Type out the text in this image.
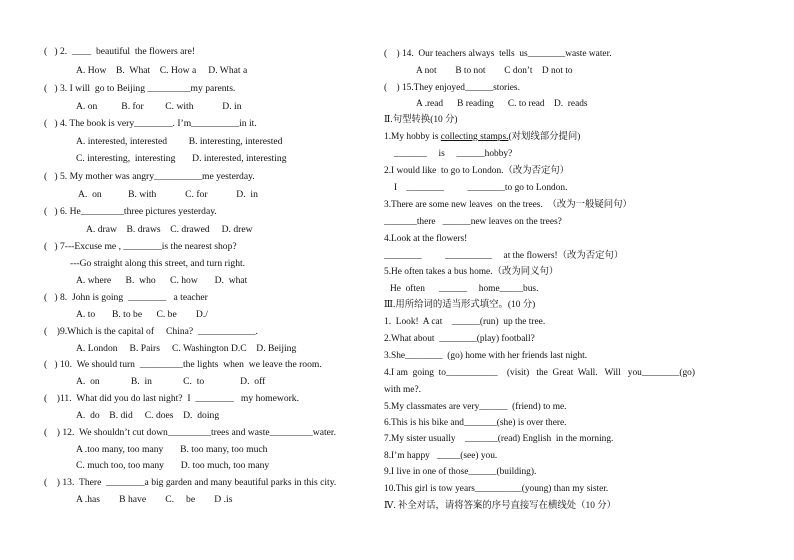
(   ) 2.  ____  beautiful  the flowers are!
A. How    B.  What    C. How a     D. What a
(   ) 3. I will  go to Beijing _________my parents.
A. on          B. for         C. with            D. in
(   ) 4. The book is very________. I’m__________in it.
A. interested, interested         B. interesting, interested
C. interesting,  interesting       D. interested, interesting
(   ) 5. My mother was angry__________me yesterday.
A.  on           B. with            C. for            D.  in
(   ) 6. He_________three pictures yesterday.
A. draw    B. draws    C. drawed     D. drew
(   ) 7---Excuse me , ________is the nearest shop?
---Go straight along this street, and turn right.
A. where      B.  who      C. how       D.  what
(   ) 8.  John is going  ________   a teacher
A. to       B. to be      C. be        D./
(    )9.Which is the capital of     China?  ____________.
A. London     B. Pairs     C. Washington D.C    D. Beijing
(   ) 10.  We should turn  _________the lights  when  we leave the room.
A.  on             B.  in             C.  to               D.  off
(    )11.  What did you do last night?  I  ________   my homework.
A.  do    B. did     C. does    D.  doing
(    ) 12.  We shouldn’t cut down_________trees and waste_________water.
A .too many, too many       B. too many, too much
C. much too, too many       D. too much, too many
(    ) 13.  There  ________a big garden and many beautiful parks in this city.
A .has        B have        C.     be        D .is
(    ) 14.  Our teachers always  tells  us________waste water.
A not        B to not        C don’t    D not to
(    ) 15.They enjoyed______stories.
A .read      B reading      C. to read    D.  reads
Ⅱ.句型转换(10 分)
1.My hobby is collecting stamps.(对划线部分提问)
_______     is     ______hobby?
2.I would like  to go to London.（改为否定句）
I    ________          ________to go to London.
3.There are some new leaves  on the trees.  （改为一般疑问句）
_______there   ______new leaves on the trees?
4.Look at the flowers!
________          __________     at the flowers!（改为否定句）
5.He often takes a bus home.（改为同义句）
He  often      ______     home_____bus.
Ⅲ.用所给词的适当形式填空。(10 分)
1.  Look!  A cat    ______(run)  up the tree.
2.What about  ________(play) football?
3.She________  (go) home with her friends last night.
4.I am  going  to___________    (visit)   the  Great  Wall.   Will   you________(go)
with me?.
5.My classmates are very______  (friend) to me.
6.This is his bike and_______(she) is over there.
7.My sister usually    _______(read) English  in the morning.
8.I’m happy   _____(see) you.
9.I live in one of those______(building).
10.This girl is tow years__________(young) than my sister.
Ⅳ. 补全对话，请将答案的序号直接写在横线处（10 分）
